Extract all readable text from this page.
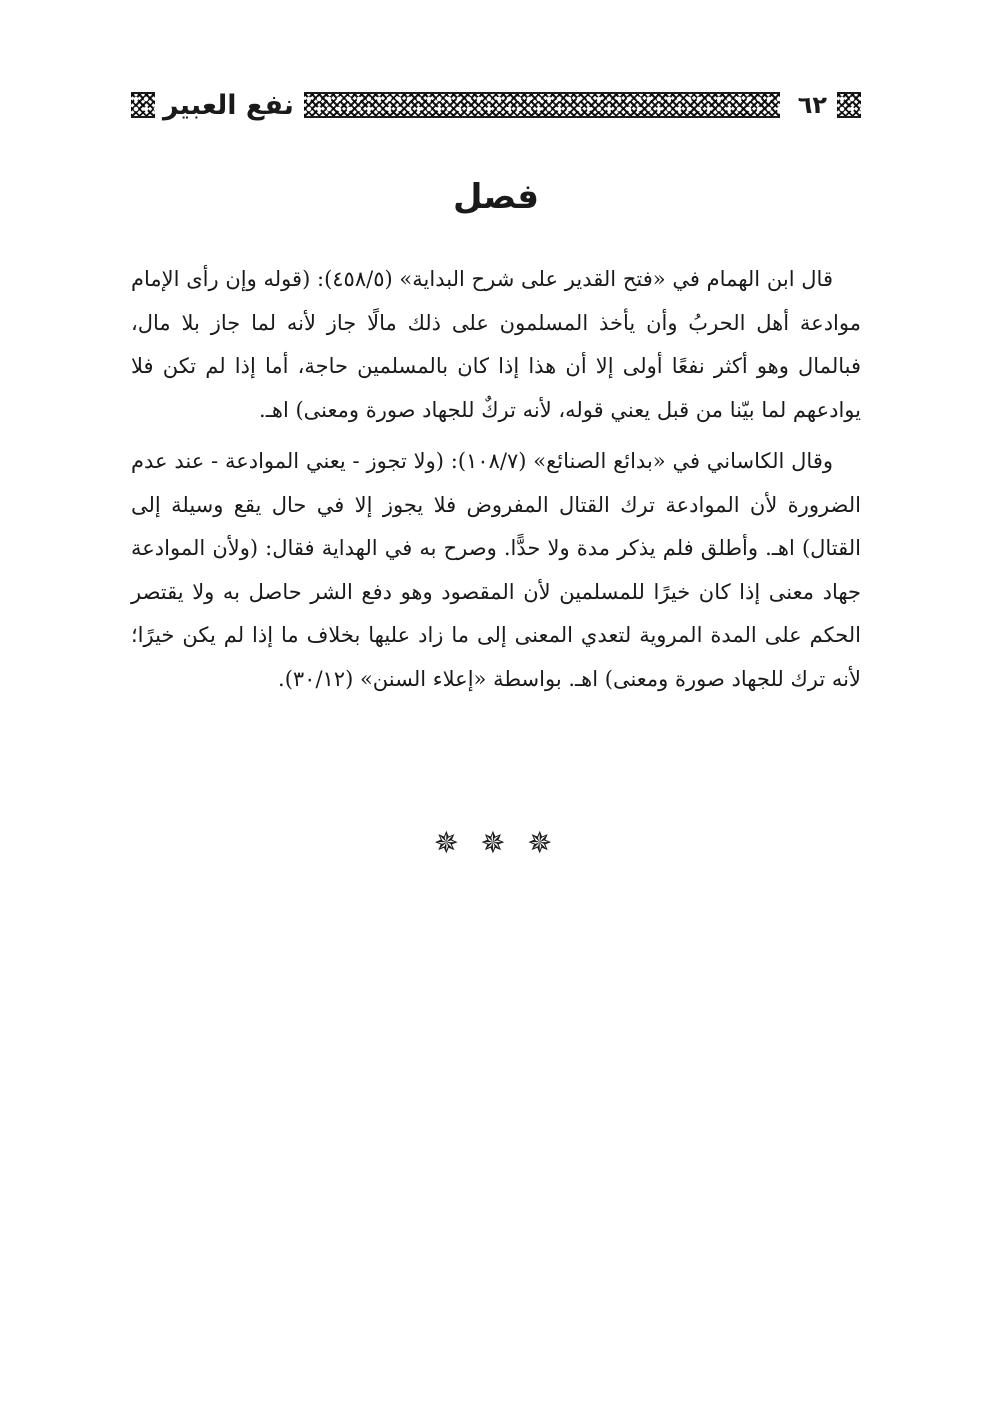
٦٢
نفع العبير
فصل

قال ابن الهمام في «فتح القدير على شرح البداية» (٤٥٨/٥): (قوله وإن رأى الإمام موادعة أهل الحربُ وأن يأخذ المسلمون على ذلك مالًا جاز لأنه لما جاز بلا مال، فبالمال وهو أكثر نفعًا أولى إلا أن هذا إذا كان بالمسلمين حاجة، أما إذا لم تكن فلا يوادعهم لما بيّنا من قبل يعني قوله، لأنه تركٌ للجهاد صورة ومعنى) اهـ.

وقال الكاساني في «بدائع الصنائع» (١٠٨/٧): (ولا تجوز - يعني الموادعة - عند عدم الضرورة لأن الموادعة ترك القتال المفروض فلا يجوز إلا في حال يقع وسيلة إلى القتال) اهـ. وأطلق فلم يذكر مدة ولا حدًّا. وصرح به في الهداية فقال: (ولأن الموادعة جهاد معنى إذا كان خيرًا للمسلمين لأن المقصود وهو دفع الشر حاصل به ولا يقتصر الحكم على المدة المروية لتعدي المعنى إلى ما زاد عليها بخلاف ما إذا لم يكن خيرًا؛ لأنه ترك للجهاد صورة ومعنى) اهـ. بواسطة «إعلاء السنن» (٣٠/١٢).

✵ ✵ ✵
